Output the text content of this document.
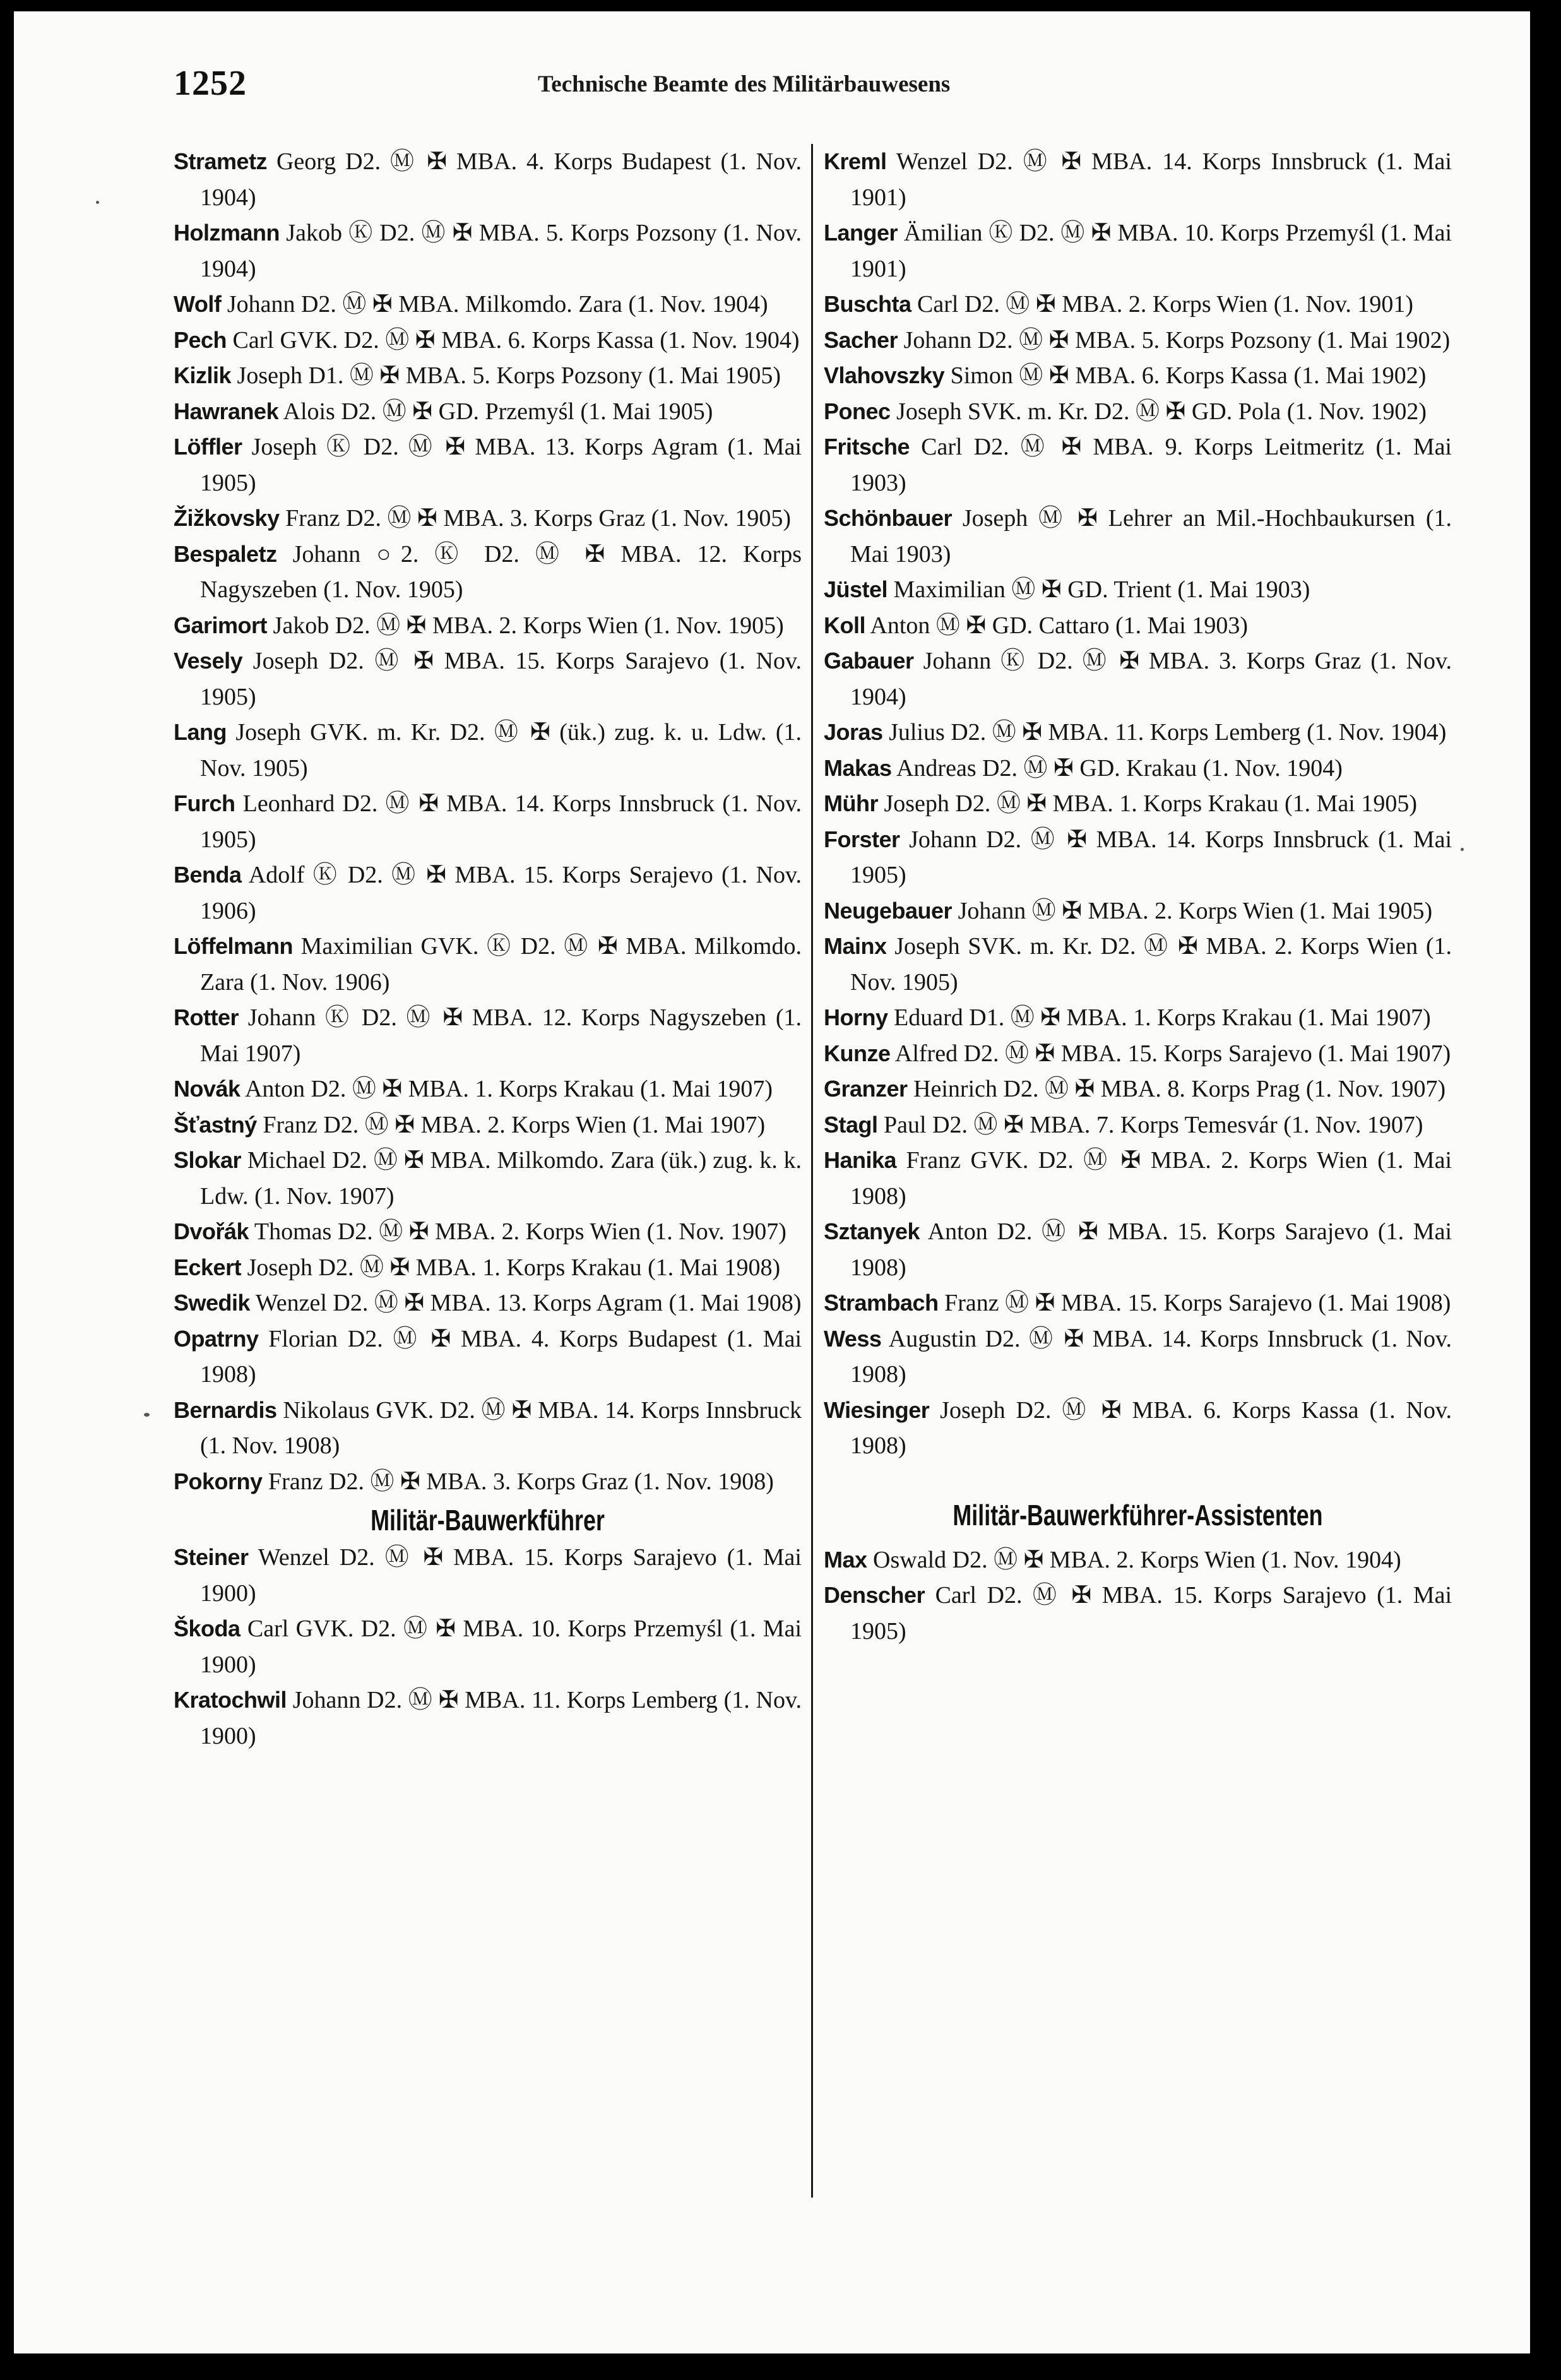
1252	Technische Beamte des Militärbauwesens

Strametz Georg D2. Ⓜ ✠ MBA. 4. Korps Budapest (1. Nov. 1904)

Holzmann Jakob Ⓚ D2. Ⓜ ✠ MBA. 5. Korps Pozsony (1. Nov. 1904)

Wolf Johann D2. Ⓜ ✠ MBA. Milkomdo. Zara (1. Nov. 1904)

Pech Carl GVK. D2. Ⓜ ✠ MBA. 6. Korps Kassa (1. Nov. 1904)

Kizlik Joseph D1. Ⓜ ✠ MBA. 5. Korps Pozsony (1. Mai 1905)

Hawranek Alois D2. Ⓜ ✠ GD. Przemyśl (1. Mai 1905)

Löffler Joseph Ⓚ D2. Ⓜ ✠ MBA. 13. Korps Agram (1. Mai 1905)

Žižkovsky Franz D2. Ⓜ ✠ MBA. 3. Korps Graz (1. Nov. 1905)

Bespaletz Johann ○2. Ⓚ D2. Ⓜ ✠ MBA. 12. Korps Nagyszeben (1. Nov. 1905)

Garimort Jakob D2. Ⓜ ✠ MBA. 2. Korps Wien (1. Nov. 1905)

Vesely Joseph D2. Ⓜ ✠ MBA. 15. Korps Sarajevo (1. Nov. 1905)

Lang Joseph GVK. m. Kr. D2. Ⓜ ✠ (ük.) zug. k. u. Ldw. (1. Nov. 1905)

Furch Leonhard D2. Ⓜ ✠ MBA. 14. Korps Innsbruck (1. Nov. 1905)

Benda Adolf Ⓚ D2. Ⓜ ✠ MBA. 15. Korps Serajevo (1. Nov. 1906)

Löffelmann Maximilian GVK. Ⓚ D2. Ⓜ ✠ MBA. Milkomdo. Zara (1. Nov. 1906)

Rotter Johann Ⓚ D2. Ⓜ ✠ MBA. 12. Korps Nagyszeben (1. Mai 1907)

Novák Anton D2. Ⓜ ✠ MBA. 1. Korps Krakau (1. Mai 1907)

Šťastný Franz D2. Ⓜ ✠ MBA. 2. Korps Wien (1. Mai 1907)

Slokar Michael D2. Ⓜ ✠ MBA. Milkomdo. Zara (ük.) zug. k. k. Ldw. (1. Nov. 1907)

Dvořák Thomas D2. Ⓜ ✠ MBA. 2. Korps Wien (1. Nov. 1907)

Eckert Joseph D2. Ⓜ ✠ MBA. 1. Korps Krakau (1. Mai 1908)

Swedik Wenzel D2. Ⓜ ✠ MBA. 13. Korps Agram (1. Mai 1908)

Opatrny Florian D2. Ⓜ ✠ MBA. 4. Korps Budapest (1. Mai 1908)

Bernardis Nikolaus GVK. D2. Ⓜ ✠ MBA. 14. Korps Innsbruck (1. Nov. 1908)

Pokorny Franz D2. Ⓜ ✠ MBA. 3. Korps Graz (1. Nov. 1908)

Militär-Bauwerkführer

Steiner Wenzel D2. Ⓜ ✠ MBA. 15. Korps Sarajevo (1. Mai 1900)

Škoda Carl GVK. D2. Ⓜ ✠ MBA. 10. Korps Przemyśl (1. Mai 1900)

Kratochwil Johann D2. Ⓜ ✠ MBA. 11. Korps Lemberg (1. Nov. 1900)

Kreml Wenzel D2. Ⓜ ✠ MBA. 14. Korps Innsbruck (1. Mai 1901)

Langer Ämilian Ⓚ D2. Ⓜ ✠ MBA. 10. Korps Przemyśl (1. Mai 1901)

Buschta Carl D2. Ⓜ ✠ MBA. 2. Korps Wien (1. Nov. 1901)

Sacher Johann D2. Ⓜ ✠ MBA. 5. Korps Pozsony (1. Mai 1902)

Vlahovszky Simon Ⓜ ✠ MBA. 6. Korps Kassa (1. Mai 1902)

Ponec Joseph SVK. m. Kr. D2. Ⓜ ✠ GD. Pola (1. Nov. 1902)

Fritsche Carl D2. Ⓜ ✠ MBA. 9. Korps Leitmeritz (1. Mai 1903)

Schönbauer Joseph Ⓜ ✠ Lehrer an Mil.-Hochbaukursen (1. Mai 1903)

Jüstel Maximilian Ⓜ ✠ GD. Trient (1. Mai 1903)

Koll Anton Ⓜ ✠ GD. Cattaro (1. Mai 1903)

Gabauer Johann Ⓚ D2. Ⓜ ✠ MBA. 3. Korps Graz (1. Nov. 1904)

Joras Julius D2. Ⓜ ✠ MBA. 11. Korps Lemberg (1. Nov. 1904)

Makas Andreas D2. Ⓜ ✠ GD. Krakau (1. Nov. 1904)

Mühr Joseph D2. Ⓜ ✠ MBA. 1. Korps Krakau (1. Mai 1905)

Forster Johann D2. Ⓜ ✠ MBA. 14. Korps Innsbruck (1. Mai 1905)

Neugebauer Johann Ⓜ ✠ MBA. 2. Korps Wien (1. Mai 1905)

Mainx Joseph SVK. m. Kr. D2. Ⓜ ✠ MBA. 2. Korps Wien (1. Nov. 1905)

Horny Eduard D1. Ⓜ ✠ MBA. 1. Korps Krakau (1. Mai 1907)

Kunze Alfred D2. Ⓜ ✠ MBA. 15. Korps Sarajevo (1. Mai 1907)

Granzer Heinrich D2. Ⓜ ✠ MBA. 8. Korps Prag (1. Nov. 1907)

Stagl Paul D2. Ⓜ ✠ MBA. 7. Korps Temesvár (1. Nov. 1907)

Hanika Franz GVK. D2. Ⓜ ✠ MBA. 2. Korps Wien (1. Mai 1908)

Sztanyek Anton D2. Ⓜ ✠ MBA. 15. Korps Sarajevo (1. Mai 1908)

Strambach Franz Ⓜ ✠ MBA. 15. Korps Sarajevo (1. Mai 1908)

Wess Augustin D2. Ⓜ ✠ MBA. 14. Korps Innsbruck (1. Nov. 1908)

Wiesinger Joseph D2. Ⓜ ✠ MBA. 6. Korps Kassa (1. Nov. 1908)

Militär-Bauwerkführer-Assistenten

Max Oswald D2. Ⓜ ✠ MBA. 2. Korps Wien (1. Nov. 1904)

Denscher Carl D2. Ⓜ ✠ MBA. 15. Korps Sarajevo (1. Mai 1905)
